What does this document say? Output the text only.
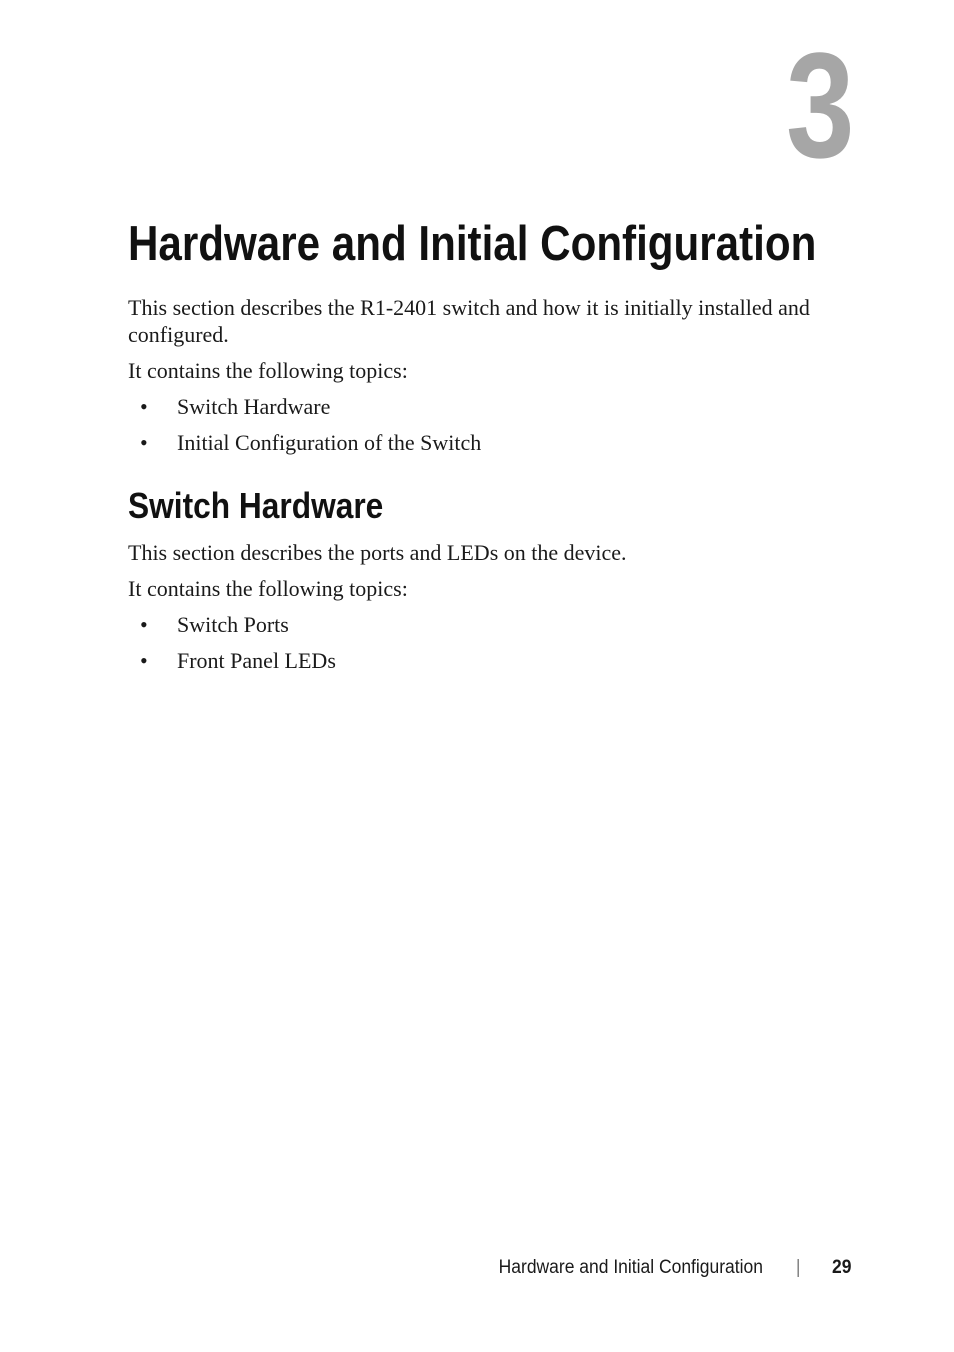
3
Hardware and Initial Configuration

This section describes the R1-2401 switch and how it is initially installed and configured.

It contains the following topics:

• Switch Hardware
• Initial Configuration of the Switch
Switch Hardware

This section describes the ports and LEDs on the device.

It contains the following topics:

• Switch Ports
• Front Panel LEDs
Hardware and Initial Configuration	29
